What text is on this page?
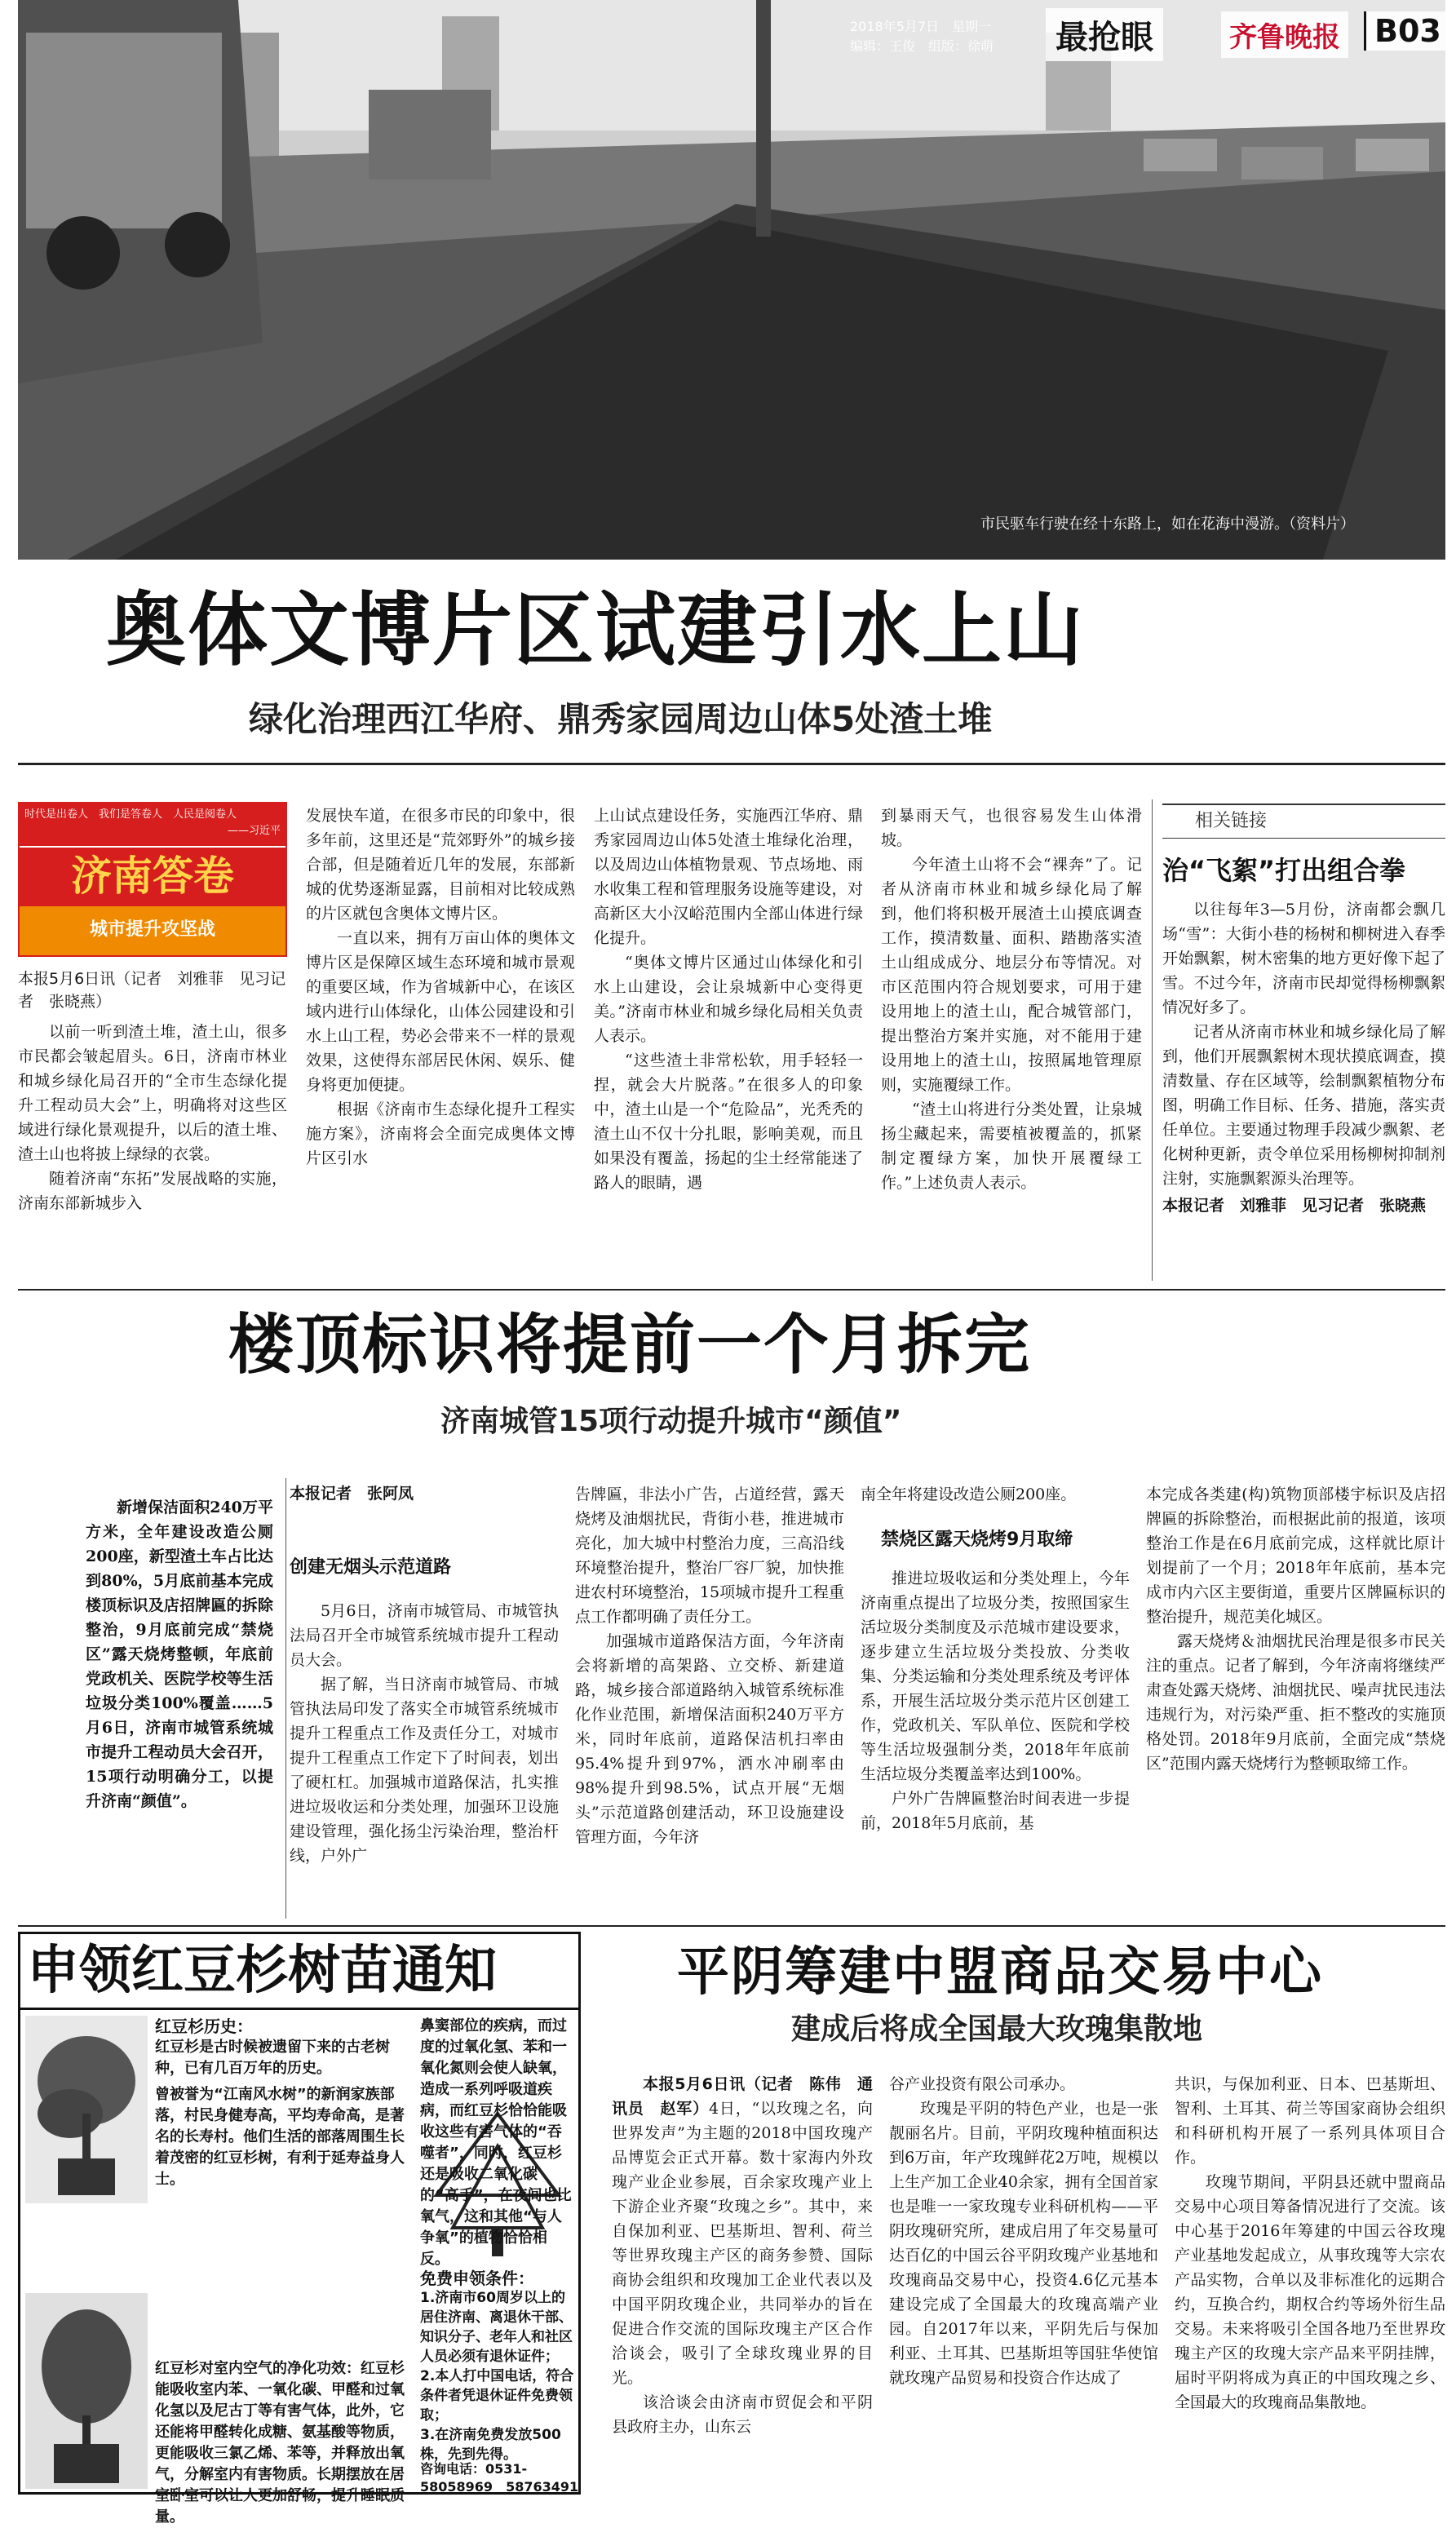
2018年5月7日　星期一
编辑：王俊　组版：徐萌	最抢眼	齐鲁晚报	B03
市民驱车行驶在经十东路上，如在花海中漫游。（资料片）
奥体文博片区试建引水上山
绿化治理西江华府、鼎秀家园周边山体5处渣土堆
时代是出卷人　我们是答卷人　人民是阅卷人
——习近平
济南答卷
城市提升攻坚战
本报5月6日讯（记者　刘雅菲　见习记者　张晓燕）

以前一听到渣土堆，渣土山，很多市民都会皱起眉头。6日，济南市林业和城乡绿化局召开的“全市生态绿化提升工程动员大会”上，明确将对这些区域进行绿化景观提升，以后的渣土堆、渣土山也将披上绿绿的衣裳。

随着济南“东拓”发展战略的实施，济南东部新城步入

发展快车道，在很多市民的印象中，很多年前，这里还是“荒郊野外”的城乡接合部，但是随着近几年的发展，东部新城的优势逐渐显露，目前相对比较成熟的片区就包含奥体文博片区。

一直以来，拥有万亩山体的奥体文博片区是保障区域生态环境和城市景观的重要区域，作为省城新中心，在该区域内进行山体绿化，山体公园建设和引水上山工程，势必会带来不一样的景观效果，这使得东部居民休闲、娱乐、健身将更加便捷。

根据《济南市生态绿化提升工程实施方案》，济南将会全面完成奥体文博片区引水

上山试点建设任务，实施西江华府、鼎秀家园周边山体5处渣土堆绿化治理，以及周边山体植物景观、节点场地、雨水收集工程和管理服务设施等建设，对高新区大小汉峪范围内全部山体进行绿化提升。

“奥体文博片区通过山体绿化和引水上山建设，会让泉城新中心变得更美。”济南市林业和城乡绿化局相关负责人表示。

“这些渣土非常松软，用手轻轻一捏，就会大片脱落。”在很多人的印象中，渣土山是一个“危险品”，光秃秃的渣土山不仅十分扎眼，影响美观，而且如果没有覆盖，扬起的尘土经常能迷了路人的眼睛，遇

到暴雨天气，也很容易发生山体滑坡。

今年渣土山将不会“裸奔”了。记者从济南市林业和城乡绿化局了解到，他们将积极开展渣土山摸底调查工作，摸清数量、面积、踏勘落实渣土山组成成分、地层分布等情况。对市区范围内符合规划要求，可用于建设用地上的渣土山，配合城管部门，提出整治方案并实施，对不能用于建设用地上的渣土山，按照属地管理原则，实施覆绿工作。

“渣土山将进行分类处置，让泉城扬尘藏起来，需要植被覆盖的，抓紧制定覆绿方案，加快开展覆绿工作。”上述负责人表示。

相关链接
治“飞絮”打出组合拳

以往每年3—5月份，济南都会飘几场“雪”：大街小巷的杨树和柳树进入春季开始飘絮，树木密集的地方更好像下起了雪。不过今年，济南市民却觉得杨柳飘絮情况好多了。

记者从济南市林业和城乡绿化局了解到，他们开展飘絮树木现状摸底调查，摸清数量、存在区域等，绘制飘絮植物分布图，明确工作目标、任务、措施，落实责任单位。主要通过物理手段减少飘絮、老化树种更新，责令单位采用杨柳树抑制剂注射，实施飘絮源头治理等。

本报记者　刘雅菲　见习记者　张晓燕
楼顶标识将提前一个月拆完
济南城管15项行动提升城市“颜值”

新增保洁面积240万平方米，全年建设改造公厕200座，新型渣土车占比达到80%，5月底前基本完成楼顶标识及店招牌匾的拆除整治，9月底前完成“禁烧区”露天烧烤整顿，年底前党政机关、医院学校等生活垃圾分类100%覆盖……5月6日，济南市城管系统城市提升工程动员大会召开，15项行动明确分工，以提升济南“颜值”。

本报记者　张阿凤
创建无烟头示范道路

5月6日，济南市城管局、市城管执法局召开全市城管系统城市提升工程动员大会。

据了解，当日济南市城管局、市城管执法局印发了落实全市城管系统城市提升工程重点工作及责任分工，对城市提升工程重点工作定下了时间表，划出了硬杠杠。加强城市道路保洁，扎实推进垃圾收运和分类处理，加强环卫设施建设管理，强化扬尘污染治理，整治杆线，户外广

告牌匾，非法小广告，占道经营，露天烧烤及油烟扰民，背街小巷，推进城市亮化，加大城中村整治力度，三高沿线环境整治提升，整治厂容厂貌，加快推进农村环境整治，15项城市提升工程重点工作都明确了责任分工。

加强城市道路保洁方面，今年济南会将新增的高架路、立交桥、新建道路，城乡接合部道路纳入城管系统标准化作业范围，新增保洁面积240万平方米，同时年底前，道路保洁机扫率由95.4%提升到97%，洒水冲刷率由98%提升到98.5%，试点开展“无烟头”示范道路创建活动，环卫设施建设管理方面，今年济

南全年将建设改造公厕200座。

禁烧区露天烧烤9月取缔

推进垃圾收运和分类处理上，今年济南重点提出了垃圾分类，按照国家生活垃圾分类制度及示范城市建设要求，逐步建立生活垃圾分类投放、分类收集、分类运输和分类处理系统及考评体系，开展生活垃圾分类示范片区创建工作，党政机关、军队单位、医院和学校等生活垃圾强制分类，2018年年底前生活垃圾分类覆盖率达到100%。

户外广告牌匾整治时间表进一步提前，2018年5月底前，基

本完成各类建(构)筑物顶部楼宇标识及店招牌匾的拆除整治，而根据此前的报道，该项整治工作是在6月底前完成，这样就比原计划提前了一个月；2018年年底前，基本完成市内六区主要街道，重要片区牌匾标识的整治提升，规范美化城区。

露天烧烤＆油烟扰民治理是很多市民关注的重点。记者了解到，今年济南将继续严肃查处露天烧烤、油烟扰民、噪声扰民违法违规行为，对污染严重、拒不整改的实施顶格处罚。2018年9月底前，全面完成“禁烧区”范围内露天烧烤行为整顿取缔工作。

申领红豆杉树苗通知
红豆杉历史：
红豆杉是古时候被遗留下来的古老树种，已有几百万年的历史。
曾被誉为“江南风水树”的新润家族部落，村民身健寿高，平均寿命高，是著名的长寿村。他们生活的部落周围生长着茂密的红豆杉树，有利于延寿益身人士。
红豆杉对室内空气的净化功效：红豆杉能吸收室内苯、一氧化碳、甲醛和过氧化氢以及尼古丁等有害气体，此外，它还能将甲醛转化成糖、氨基酸等物质，更能吸收三氯乙烯、苯等，并释放出氧气，分解室内有害物质。长期摆放在居室卧室可以让人更加舒畅，提升睡眠质量。
鼻窦部位的疾病，而过度的过氧化氢、苯和一氧化氮则会使人缺氧，造成一系列呼吸道疾病，而红豆杉恰恰能吸收这些有害气体的“吞噬者”，同时，红豆杉还是吸收二氧化碳的“高手”，在夜间也比氧气，这和其他“与人争氧”的植物恰恰相反。
免费申领条件：
1.济南市60周岁以上的居住济南、离退休干部、知识分子、老年人和社区人员必须有退休证件；
2.本人打中国电话，符合条件者凭退休证件免费领取；
3.在济南免费发放500株，先到先得。
咨询电话：0531-58058969　58763491
平阴筹建中盟商品交易中心
建成后将成全国最大玫瑰集散地

本报5月6日讯（记者　陈伟　通讯员　赵军）4日，“以玫瑰之名，向世界发声”为主题的2018中国玫瑰产品博览会正式开幕。数十家海内外玫瑰产业企业参展，百余家玫瑰产业上下游企业齐聚“玫瑰之乡”。其中，来自保加利亚、巴基斯坦、智利、荷兰等世界玫瑰主产区的商务参赞、国际商协会组织和玫瑰加工企业代表以及中国平阴玫瑰企业，共同举办的旨在促进合作交流的国际玫瑰主产区合作洽谈会，吸引了全球玫瑰业界的目光。

该洽谈会由济南市贸促会和平阴县政府主办，山东云

谷产业投资有限公司承办。

玫瑰是平阴的特色产业，也是一张靓丽名片。目前，平阴玫瑰种植面积达到6万亩，年产玫瑰鲜花2万吨，规模以上生产加工企业40余家，拥有全国首家也是唯一一家玫瑰专业科研机构——平阴玫瑰研究所，建成启用了年交易量可达百亿的中国云谷平阴玫瑰产业基地和玫瑰商品交易中心，投资4.6亿元基本建设完成了全国最大的玫瑰高端产业园。自2017年以来，平阴先后与保加利亚、土耳其、巴基斯坦等国驻华使馆就玫瑰产品贸易和投资合作达成了

共识，与保加利亚、日本、巴基斯坦、智利、土耳其、荷兰等国家商协会组织和科研机构开展了一系列具体项目合作。

玫瑰节期间，平阴县还就中盟商品交易中心项目筹备情况进行了交流。该中心基于2016年筹建的中国云谷玫瑰产业基地发起成立，从事玫瑰等大宗农产品实物，合单以及非标准化的远期合约，互换合约，期权合约等场外衍生品交易。未来将吸引全国各地乃至世界玫瑰主产区的玫瑰大宗产品来平阴挂牌，届时平阴将成为真正的中国玫瑰之乡、全国最大的玫瑰商品集散地。
